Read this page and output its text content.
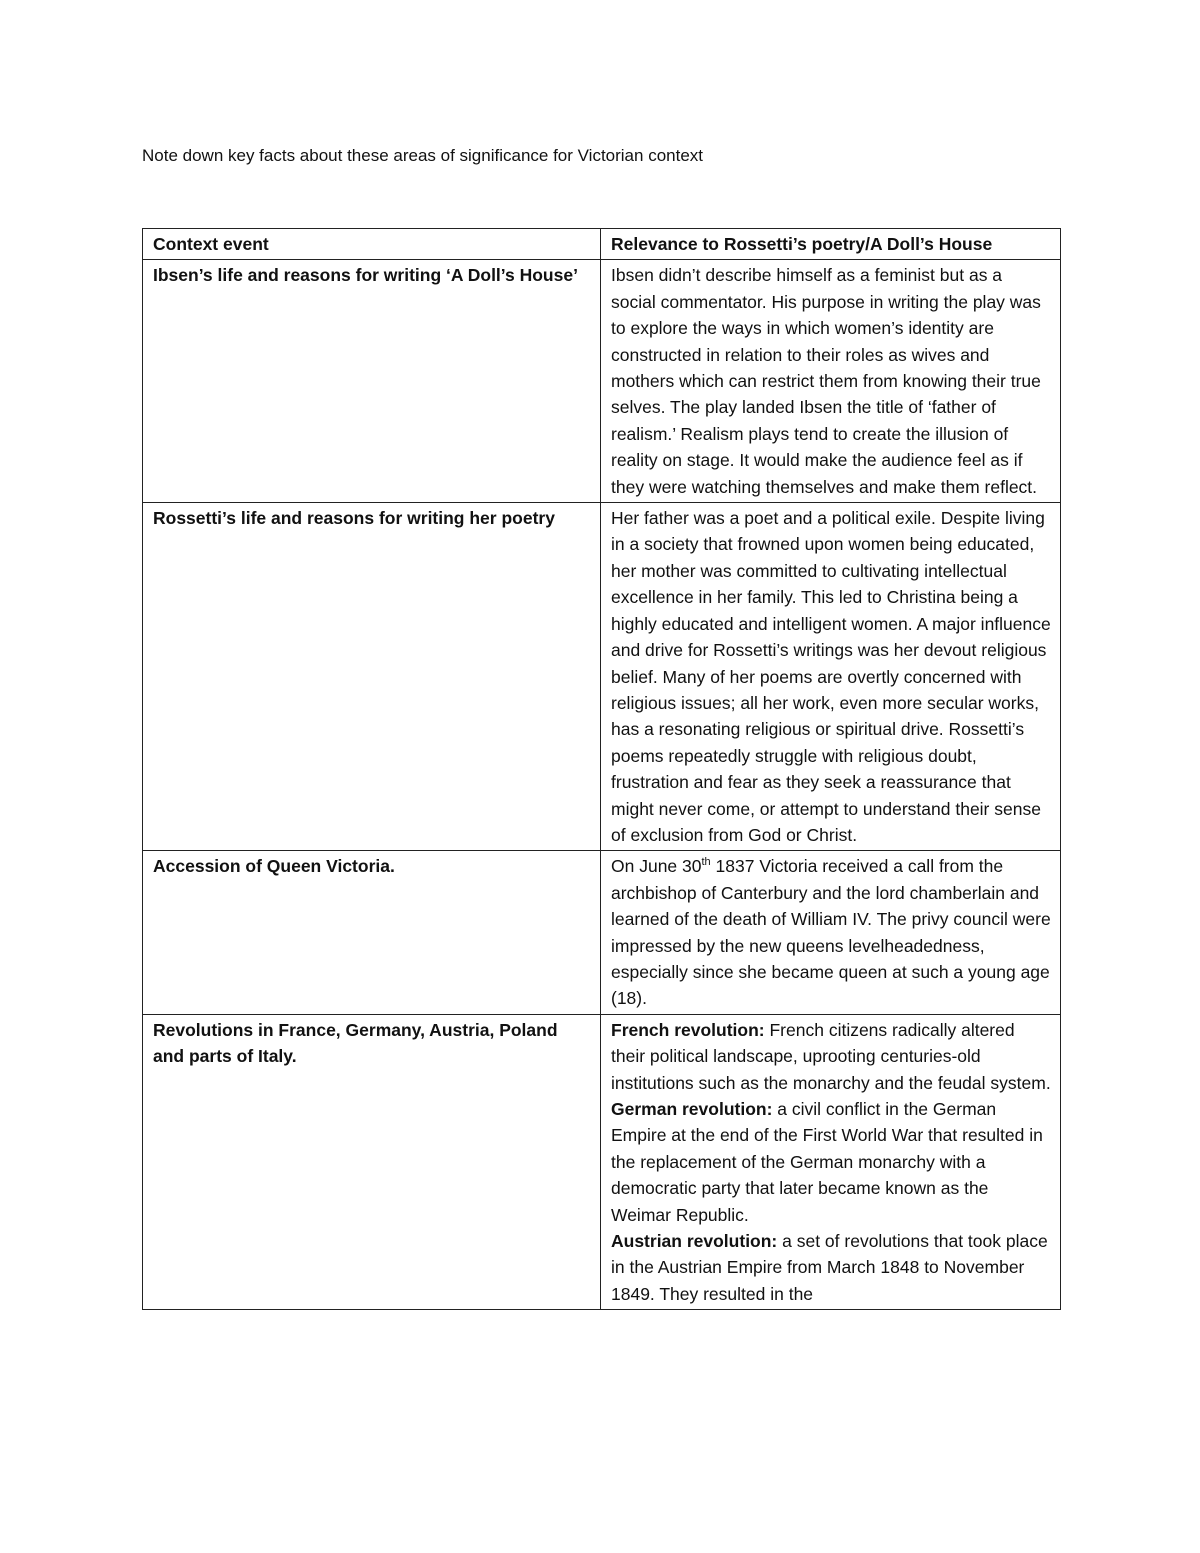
Note down key facts about these areas of significance for Victorian context
Context event	Relevance to Rossetti’s poetry/A Doll’s House
Ibsen’s life and reasons for writing ‘A Doll’s House’	Ibsen didn’t describe himself as a feminist but as a social commentator. His purpose in writing the play was to explore the ways in which women’s identity are constructed in relation to their roles as wives and mothers which can restrict them from knowing their true selves. The play landed Ibsen the title of ‘father of realism.’ Realism plays tend to create the illusion of reality on stage. It would make the audience feel as if they were watching themselves and make them reflect.
Rossetti’s life and reasons for writing her poetry	Her father was a poet and a political exile. Despite living in a society that frowned upon women being educated, her mother was committed to cultivating intellectual excellence in her family. This led to Christina being a highly educated and intelligent women. A major influence and drive for Rossetti’s writings was her devout religious belief. Many of her poems are overtly concerned with religious issues; all her work, even more secular works, has a resonating religious or spiritual drive. Rossetti’s poems repeatedly struggle with religious doubt, frustration and fear as they seek a reassurance that might never come, or attempt to understand their sense of exclusion from God or Christ.
Accession of Queen Victoria.	On June 30th 1837 Victoria received a call from the archbishop of Canterbury and the lord chamberlain and learned of the death of William IV. The privy council were impressed by the new queens levelheadedness, especially since she became queen at such a young age (18).
Revolutions in France, Germany, Austria, Poland and parts of Italy.	French revolution: French citizens radically altered their political landscape, uprooting centuries-old institutions such as the monarchy and the feudal system.
German revolution: a civil conflict in the German Empire at the end of the First World War that resulted in the replacement of the German monarchy with a democratic party that later became known as the Weimar Republic.
Austrian revolution: a set of revolutions that took place in the Austrian Empire from March 1848 to November 1849. They resulted in the
